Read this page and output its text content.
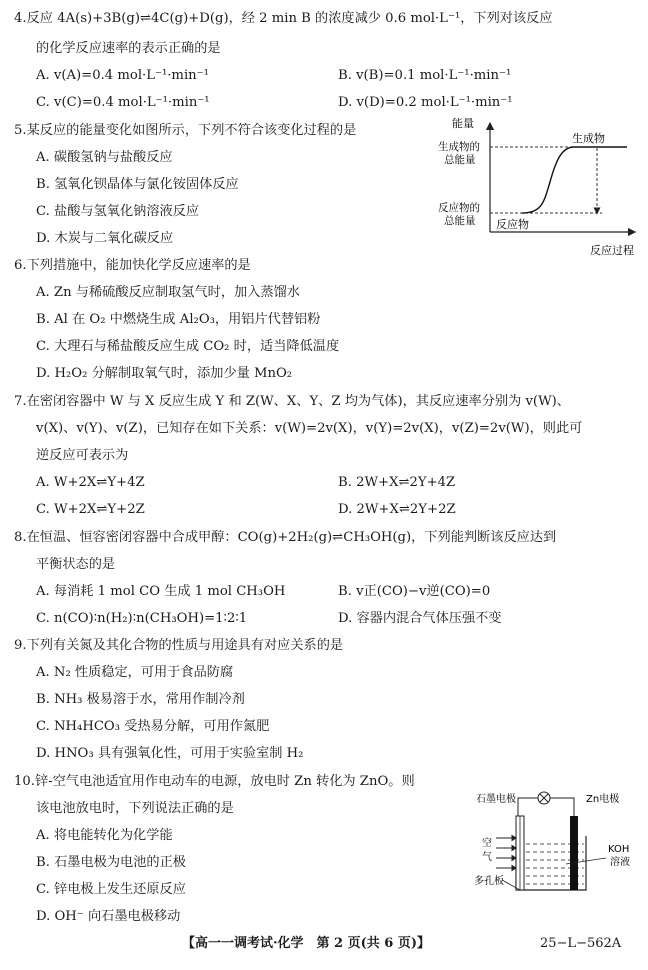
4.反应 4A(s)+3B(g)⇌4C(g)+D(g)，经 2 min B 的浓度减少 0.6 mol·L⁻¹，下列对该反应
的化学反应速率的表示正确的是
A. v(A)=0.4 mol·L⁻¹·min⁻¹	B. v(B)=0.1 mol·L⁻¹·min⁻¹
C. v(C)=0.4 mol·L⁻¹·min⁻¹	D. v(D)=0.2 mol·L⁻¹·min⁻¹
5.某反应的能量变化如图所示，下列不符合该变化过程的是
A. 碳酸氢钠与盐酸反应
B. 氢氧化钡晶体与氯化铵固体反应
C. 盐酸与氢氧化钠溶液反应
D. 木炭与二氧化碳反应
能量
反应过程
生成物
生成物的
总能量
反应物的
总能量 反应物
6.下列措施中，能加快化学反应速率的是
A. Zn 与稀硫酸反应制取氢气时，加入蒸馏水
B. Al 在 O₂ 中燃烧生成 Al₂O₃，用铝片代替铝粉
C. 大理石与稀盐酸反应生成 CO₂ 时，适当降低温度
D. H₂O₂ 分解制取氧气时，添加少量 MnO₂
7.在密闭容器中 W 与 X 反应生成 Y 和 Z(W、X、Y、Z 均为气体)，其反应速率分别为 v(W)、
v(X)、v(Y)、v(Z)，已知存在如下关系：v(W)=2v(X)，v(Y)=2v(X)，v(Z)=2v(W)，则此可
逆反应可表示为
A. W+2X⇌Y+4Z	B. 2W+X⇌2Y+4Z
C. W+2X⇌Y+2Z	D. 2W+X⇌2Y+2Z
8.在恒温、恒容密闭容器中合成甲醇：CO(g)+2H₂(g)⇌CH₃OH(g)，下列能判断该反应达到
平衡状态的是
A. 每消耗 1 mol CO 生成 1 mol CH₃OH	B. v正(CO)−v逆(CO)=0
C. n(CO)∶n(H₂)∶n(CH₃OH)=1∶2∶1	D. 容器内混合气体压强不变
9.下列有关氮及其化合物的性质与用途具有对应关系的是
A. N₂ 性质稳定，可用于食品防腐
B. NH₃ 极易溶于水，常用作制冷剂
C. NH₄HCO₃ 受热易分解，可用作氮肥
D. HNO₃ 具有强氧化性，可用于实验室制 H₂
10.锌-空气电池适宜用作电动车的电源，放电时 Zn 转化为 ZnO。则
该电池放电时，下列说法正确的是
A. 将电能转化为化学能
B. 石墨电极为电池的正极
C. 锌电极上发生还原反应
D. OH⁻ 向石墨电极移动
石墨电极	Zn电极
空
气
KOH
溶液
多孔板
【高一一调考试·化学　第 2 页(共 6 页)】	25−L−562A
